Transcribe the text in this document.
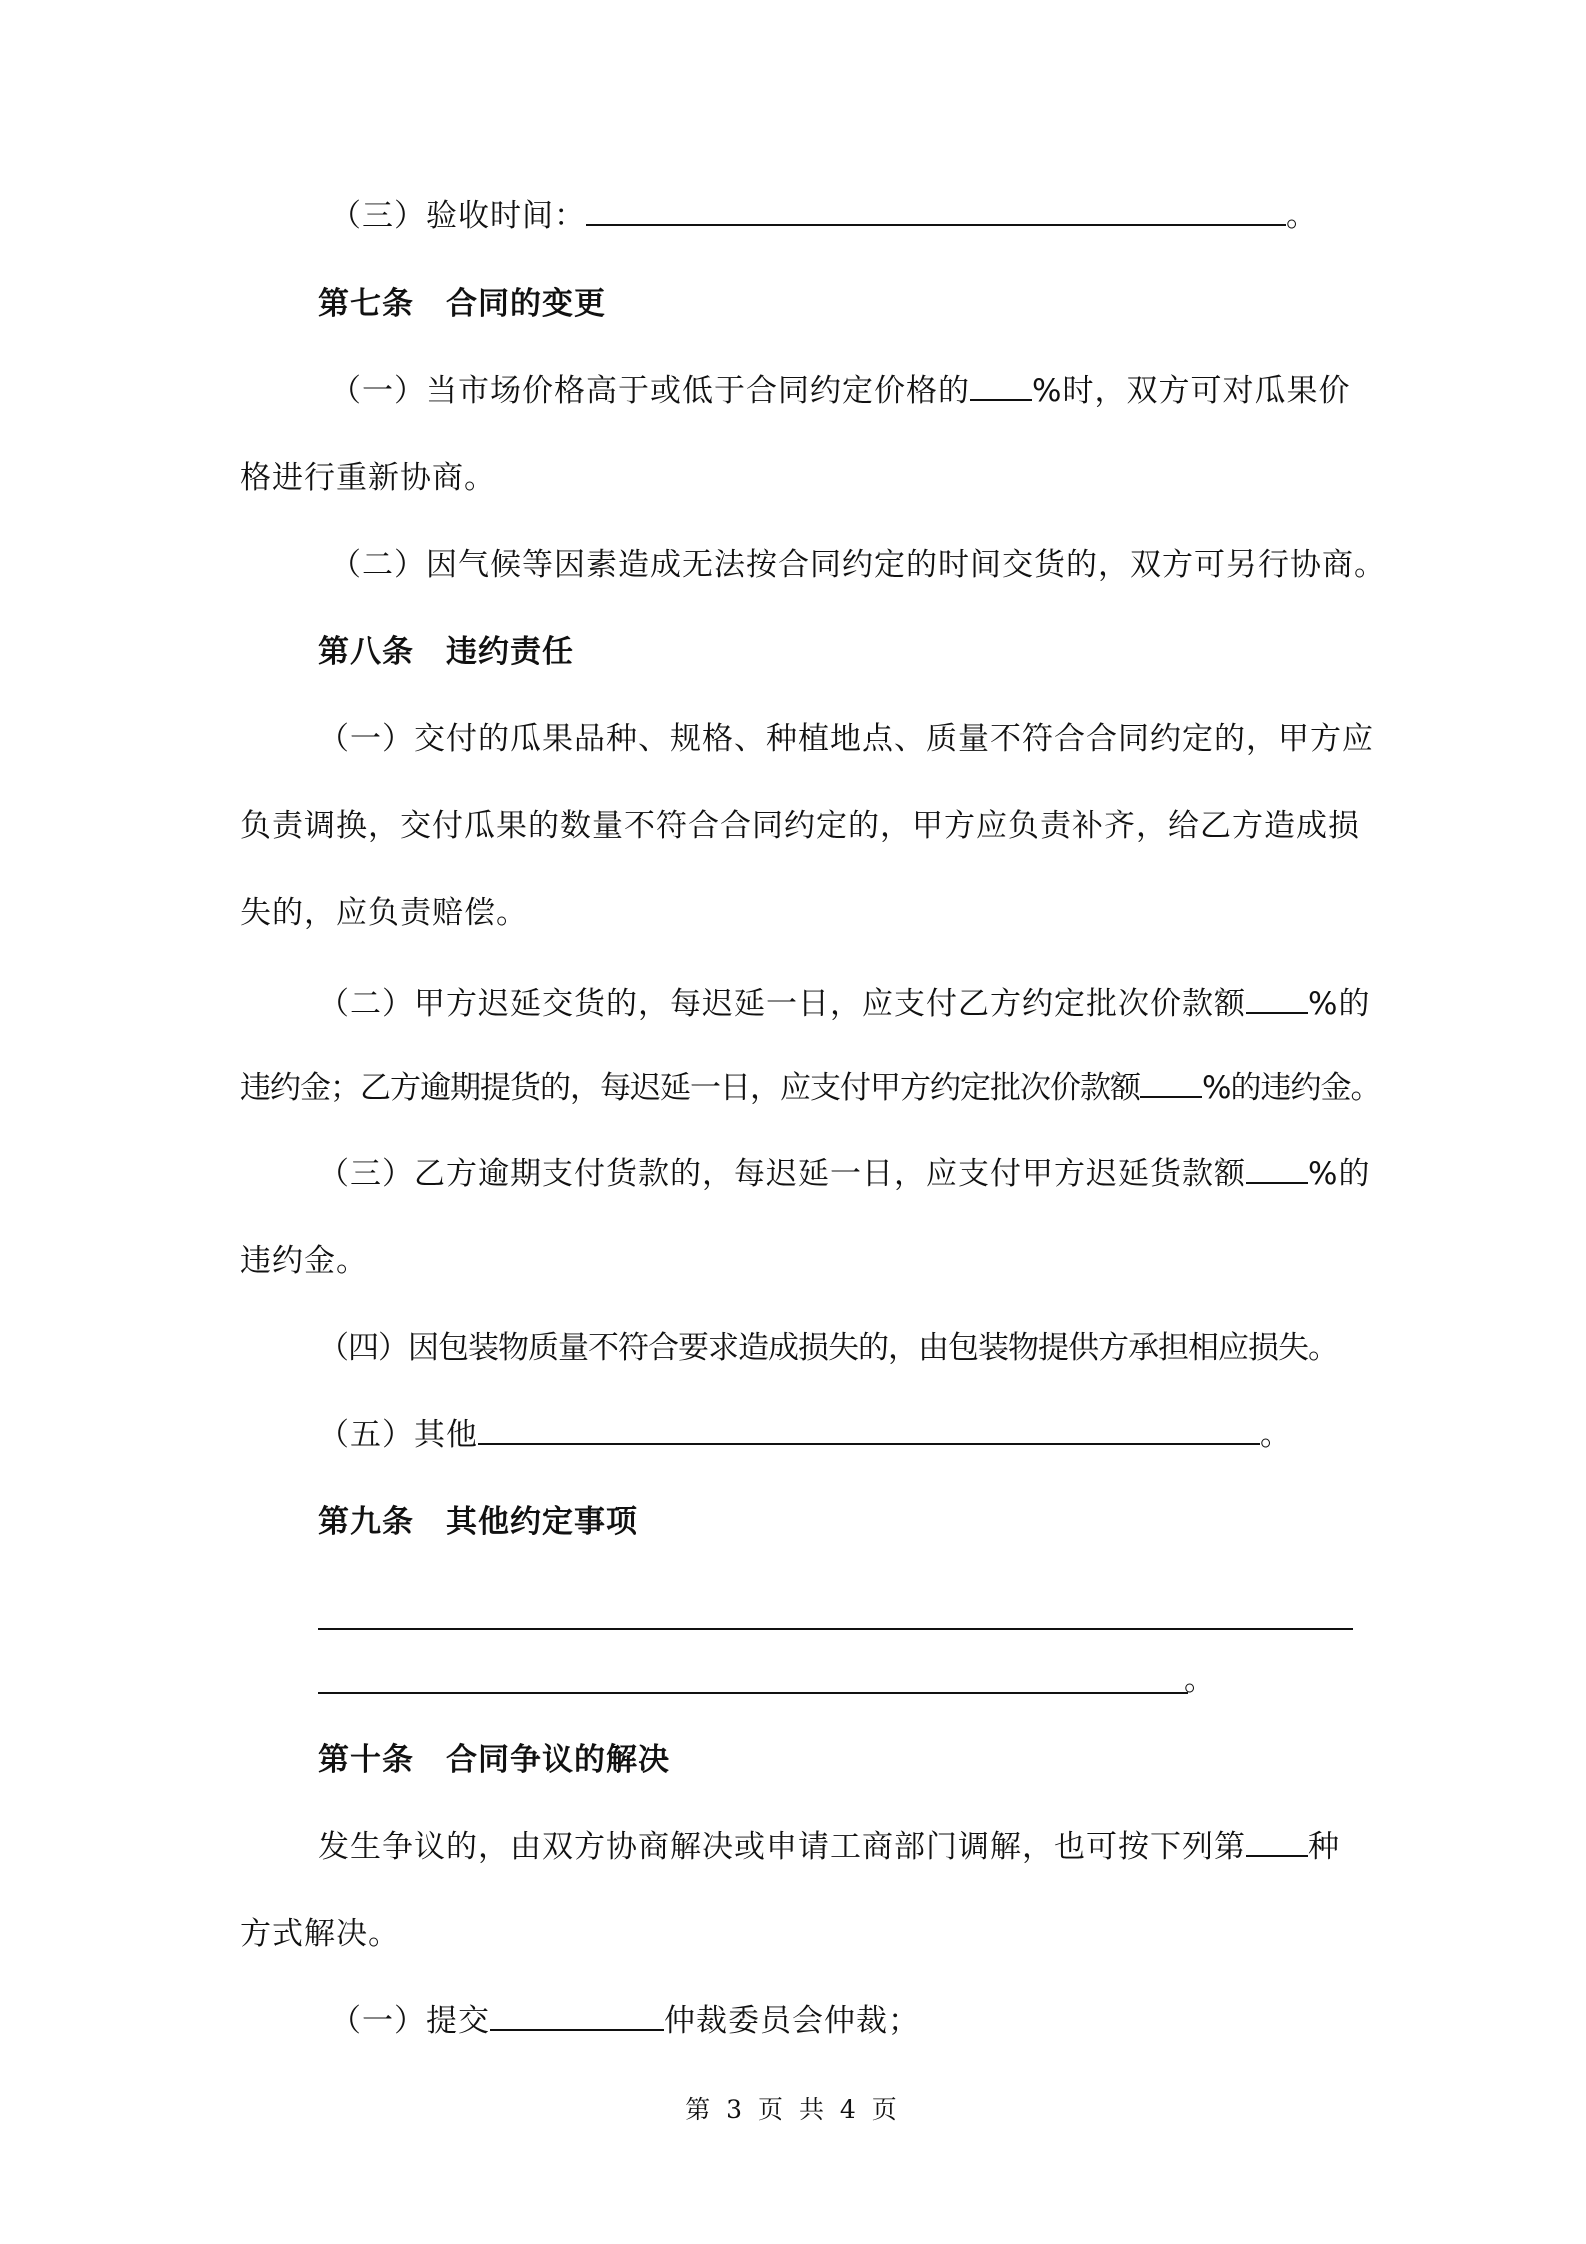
（三）验收时间：	。
第七条　合同的变更
（一）当市场价格高于或低于合同约定价格的 %时，双方可对瓜果价
格进行重新协商。
（二）因气候等因素造成无法按合同约定的时间交货的，双方可另行协商。
第八条　违约责任
（一）交付的瓜果品种、规格、种植地点、质量不符合合同约定的，甲方应
负责调换，交付瓜果的数量不符合合同约定的，甲方应负责补齐，给乙方造成损
失的，应负责赔偿。
（二）甲方迟延交货的，每迟延一日，应支付乙方约定批次价款额 %的
违约金；乙方逾期提货的，每迟延一日，应支付甲方约定批次价款额 %的违约金。
（三）乙方逾期支付货款的，每迟延一日，应支付甲方迟延货款额 %的
违约金。
（四）因包装物质量不符合要求造成损失的，由包装物提供方承担相应损失。
（五）其他	。
第九条　其他约定事项
。
第十条　合同争议的解决
发生争议的，由双方协商解决或申请工商部门调解，也可按下列第 种
方式解决。
（一）提交	仲裁委员会仲裁；
第 3 页 共 4 页
